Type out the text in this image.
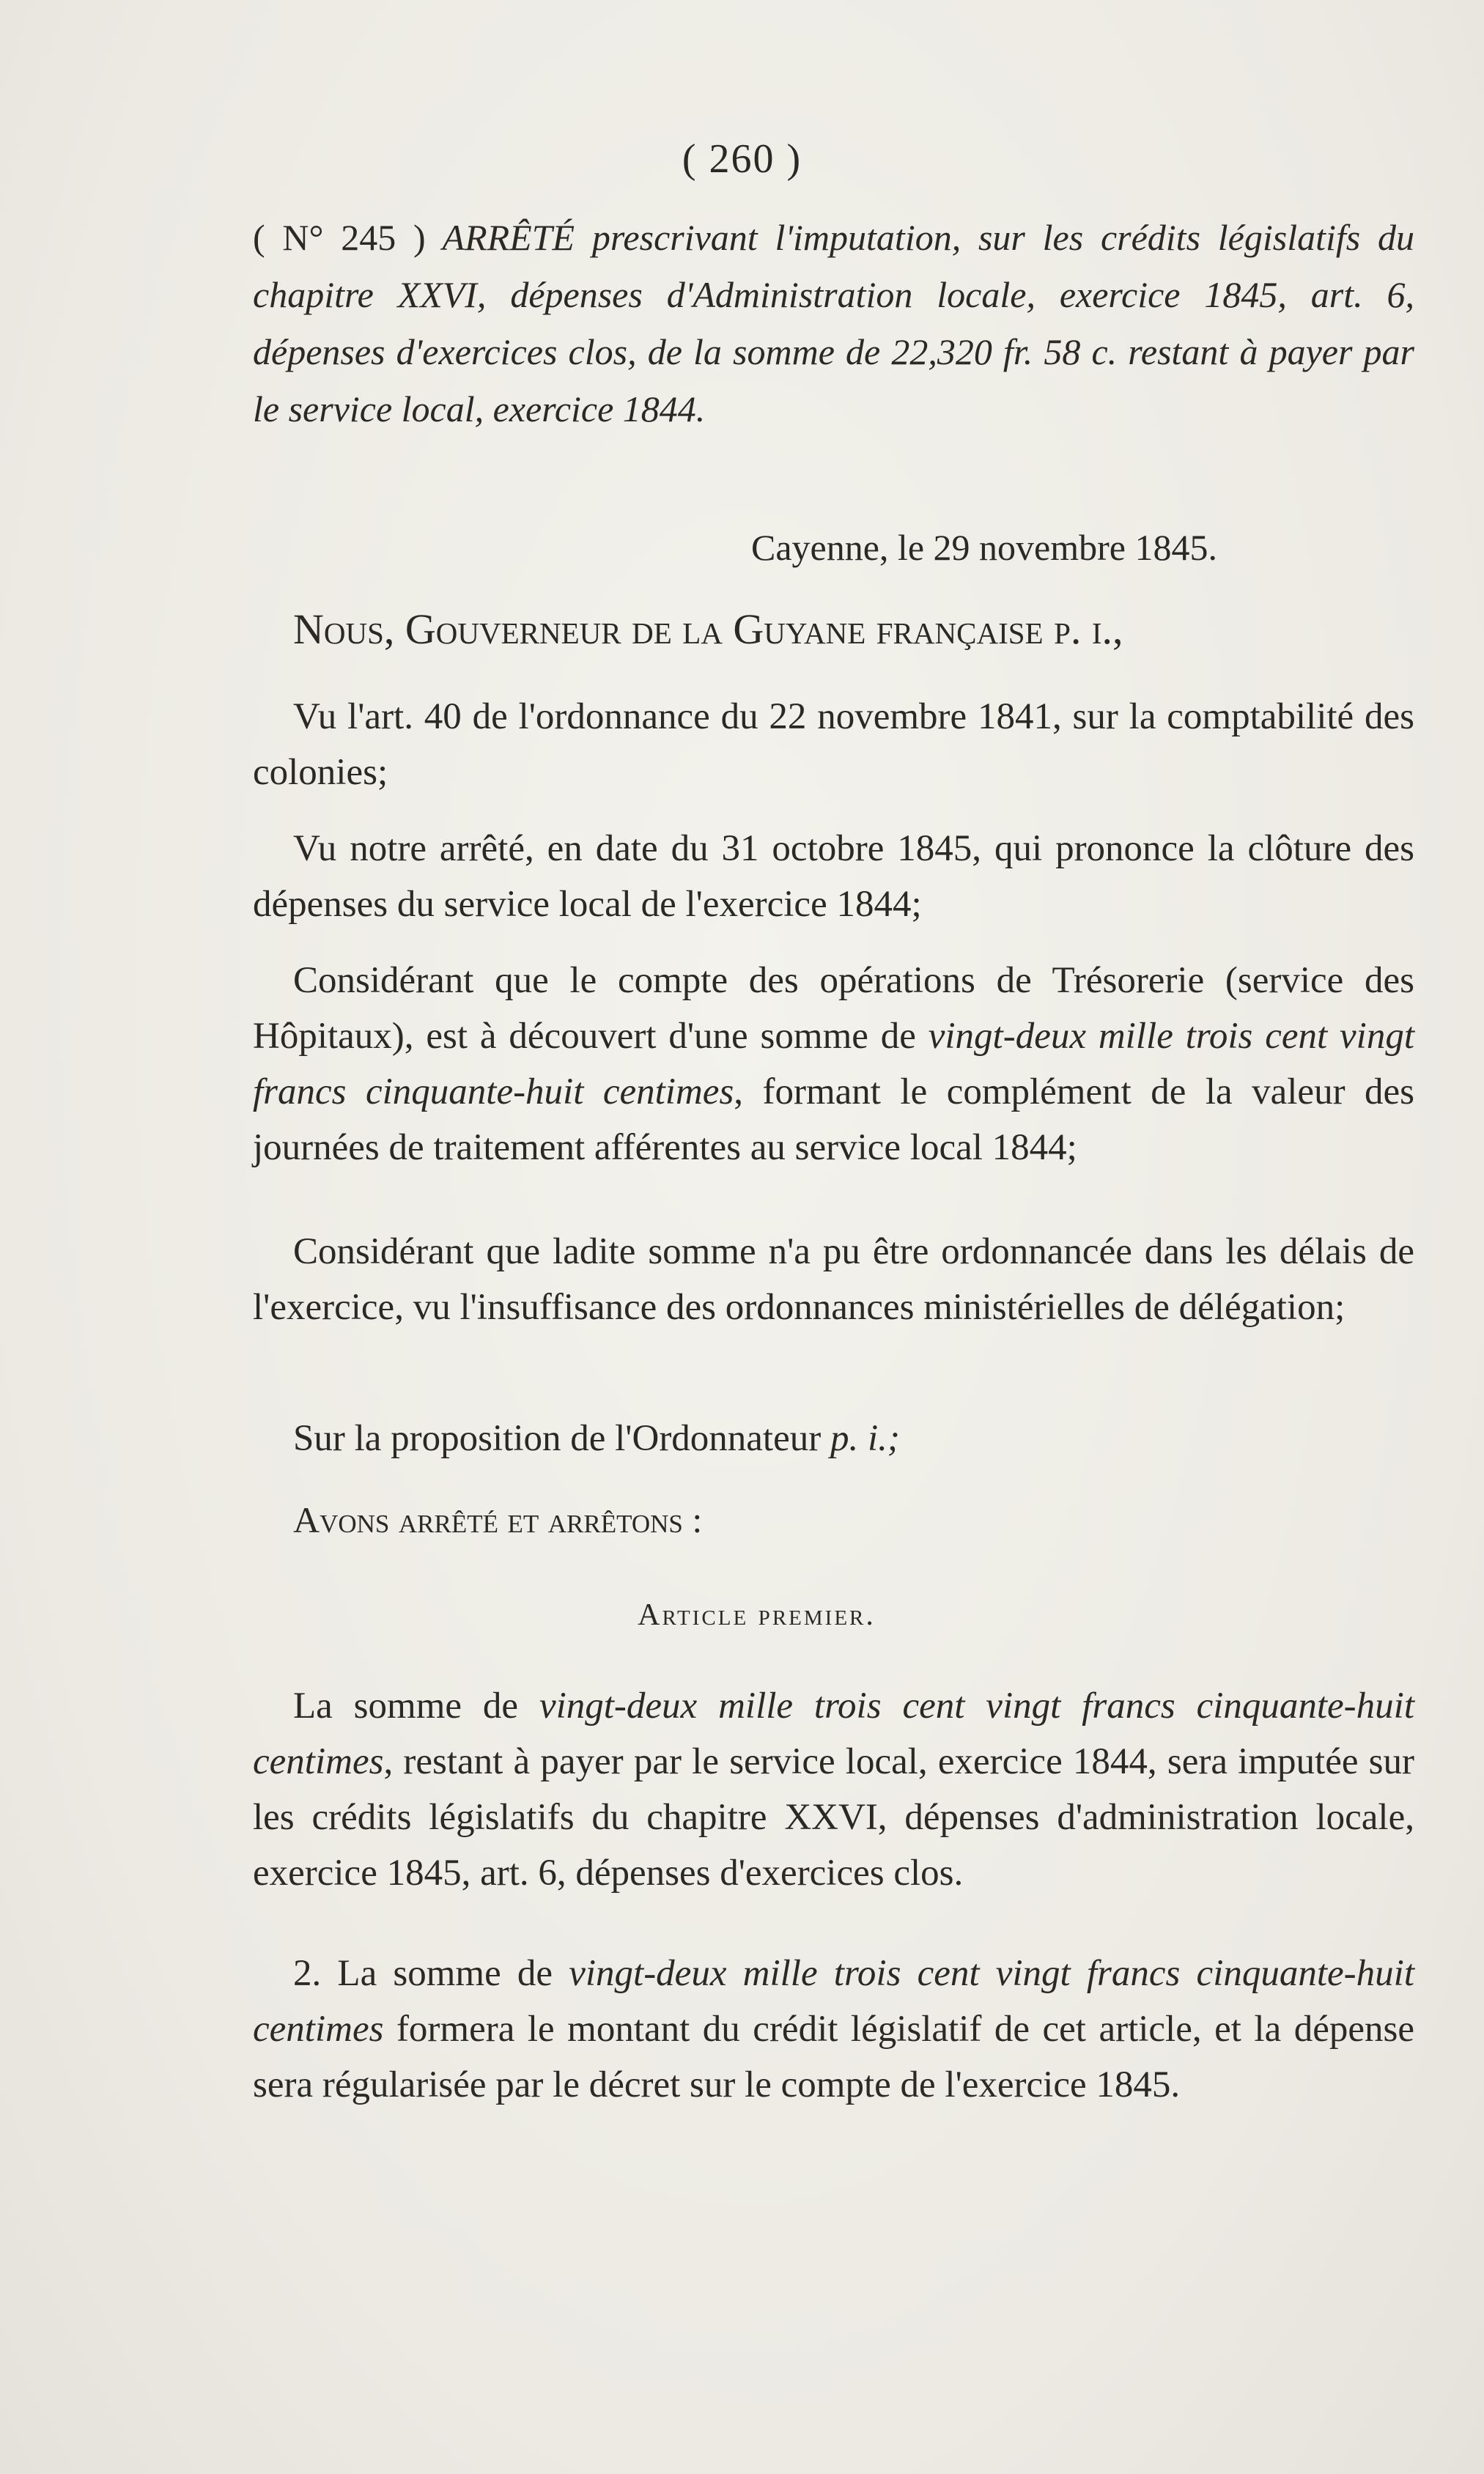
( 260 )
( N° 245 ) ARRÊTÉ prescrivant l'imputation, sur les crédits législatifs du chapitre XXVI, dépenses d'Administration locale, exercice 1845, art. 6, dépenses d'exercices clos, de la somme de 22,320 fr. 58 c. restant à payer par le service local, exercice 1844.
Cayenne, le 29 novembre 1845.
Nous, Gouverneur de la Guyane française p. i.,

Vu l'art. 40 de l'ordonnance du 22 novembre 1841, sur la comptabilité des colonies;

Vu notre arrêté, en date du 31 octobre 1845, qui prononce la clôture des dépenses du service local de l'exercice 1844;

Considérant que le compte des opérations de Trésorerie (service des Hôpitaux), est à découvert d'une somme de vingt-deux mille trois cent vingt francs cinquante-huit centimes, formant le complément de la valeur des journées de traitement afférentes au service local 1844;

Considérant que ladite somme n'a pu être ordonnancée dans les délais de l'exercice, vu l'insuffisance des ordonnances ministérielles de délégation;

Sur la proposition de l'Ordonnateur p. i.;

Avons arrêté et arrêtons :
Article premier.

La somme de vingt-deux mille trois cent vingt francs cinquante-huit centimes, restant à payer par le service local, exercice 1844, sera imputée sur les crédits législatifs du chapitre XXVI, dépenses d'administration locale, exercice 1845, art. 6, dépenses d'exercices clos.

2. La somme de vingt-deux mille trois cent vingt francs cinquante-huit centimes formera le montant du crédit législatif de cet article, et la dépense sera régularisée par le décret sur le compte de l'exercice 1845.
